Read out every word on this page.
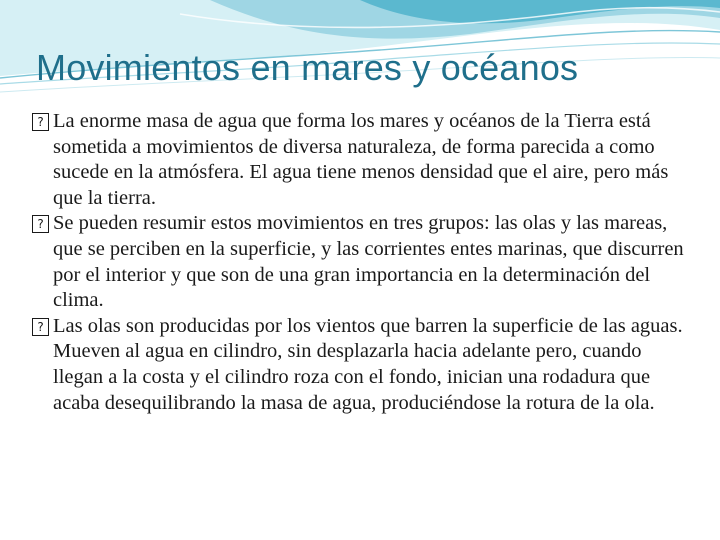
Movimientos en mares y océanos
? La enorme masa de agua que forma los mares y océanos de la Tierra está sometida a movimientos de diversa naturaleza, de forma parecida a como sucede en la atmósfera. El agua tiene menos densidad que el aire, pero más que la tierra.
? Se pueden resumir estos movimientos en tres grupos: las olas y las mareas, que se perciben en la superficie, y las corrientes entes marinas, que discurren por el interior y que son de una gran importancia en la determinación del clima.
? Las olas son producidas por los vientos que barren la superficie de las aguas. Mueven al agua en cilindro, sin desplazarla hacia adelante pero, cuando llegan a la costa y el cilindro roza con el fondo, inician una rodadura que acaba desequilibrando la masa de agua, produciéndose la rotura de la ola.
